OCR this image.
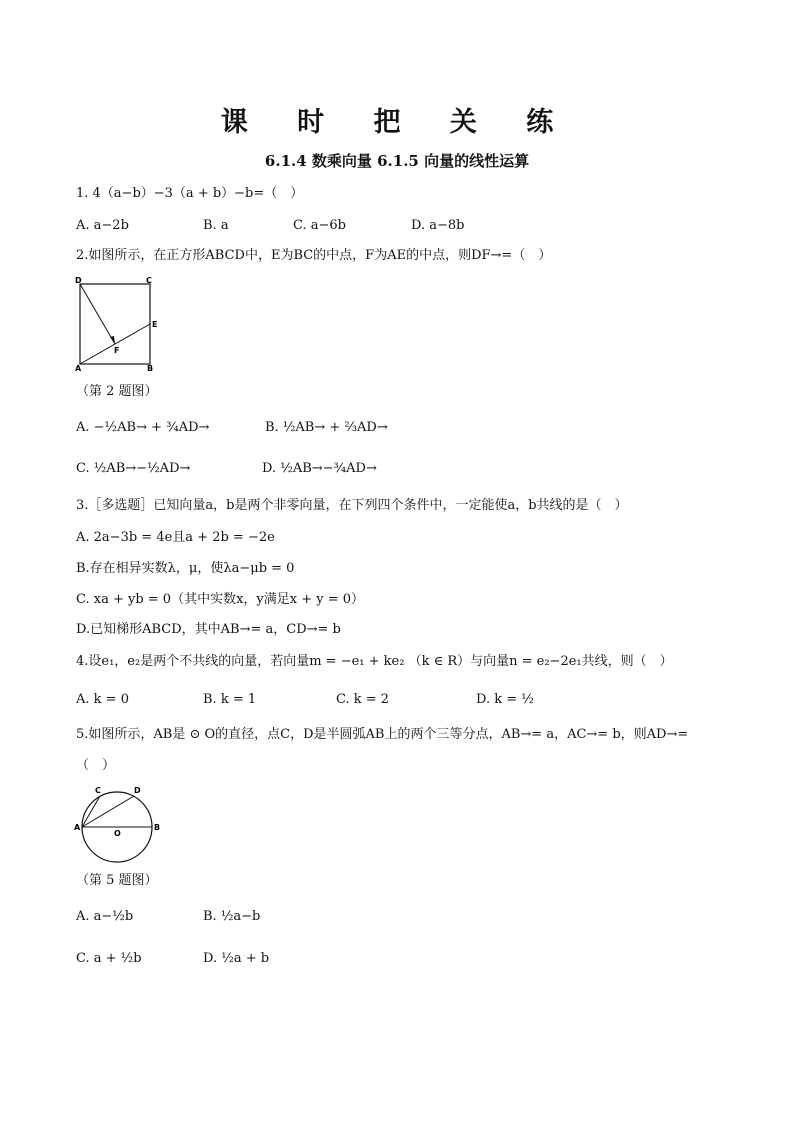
课 时 把 关 练
6.1.4 数乘向量 6.1.5 向量的线性运算
1. 4（a−b）−3（a + b）−b=（　）
A. a−2b	B. a	C. a−6b	D. a−8b
2.如图所示，在正方形ABCD中，E为BC的中点，F为AE的中点，则DF→=（　）
D	C
E
F
A	B
（第 2 题图）
A. −½AB→ + ¾AD→	B. ½AB→ + ⅔AD→
C. ½AB→−½AD→	D. ½AB→−¾AD→
3.［多选题］已知向量a，b是两个非零向量，在下列四个条件中，一定能使a，b共线的是（　）
A. 2a−3b = 4e且a + 2b = −2e
B.存在相异实数λ，μ，使λa−μb = 0
C. xa + yb = 0（其中实数x，y满足x + y = 0）
D.已知梯形ABCD，其中AB→= a，CD→= b
4.设e₁，e₂是两个不共线的向量，若向量m = −e₁ + ke₂ （k ∈ R）与向量n = e₂−2e₁共线，则（　）
A. k = 0	B. k = 1	C. k = 2	D. k = ½
5.如图所示，AB是 ⊙ O的直径，点C，D是半圆弧AB上的两个三等分点，AB→= a，AC→= b，则AD→=
（　）
C	D
A
O
B
（第 5 题图）
A. a−½b	B. ½a−b
C. a + ½b	D. ½a + b
